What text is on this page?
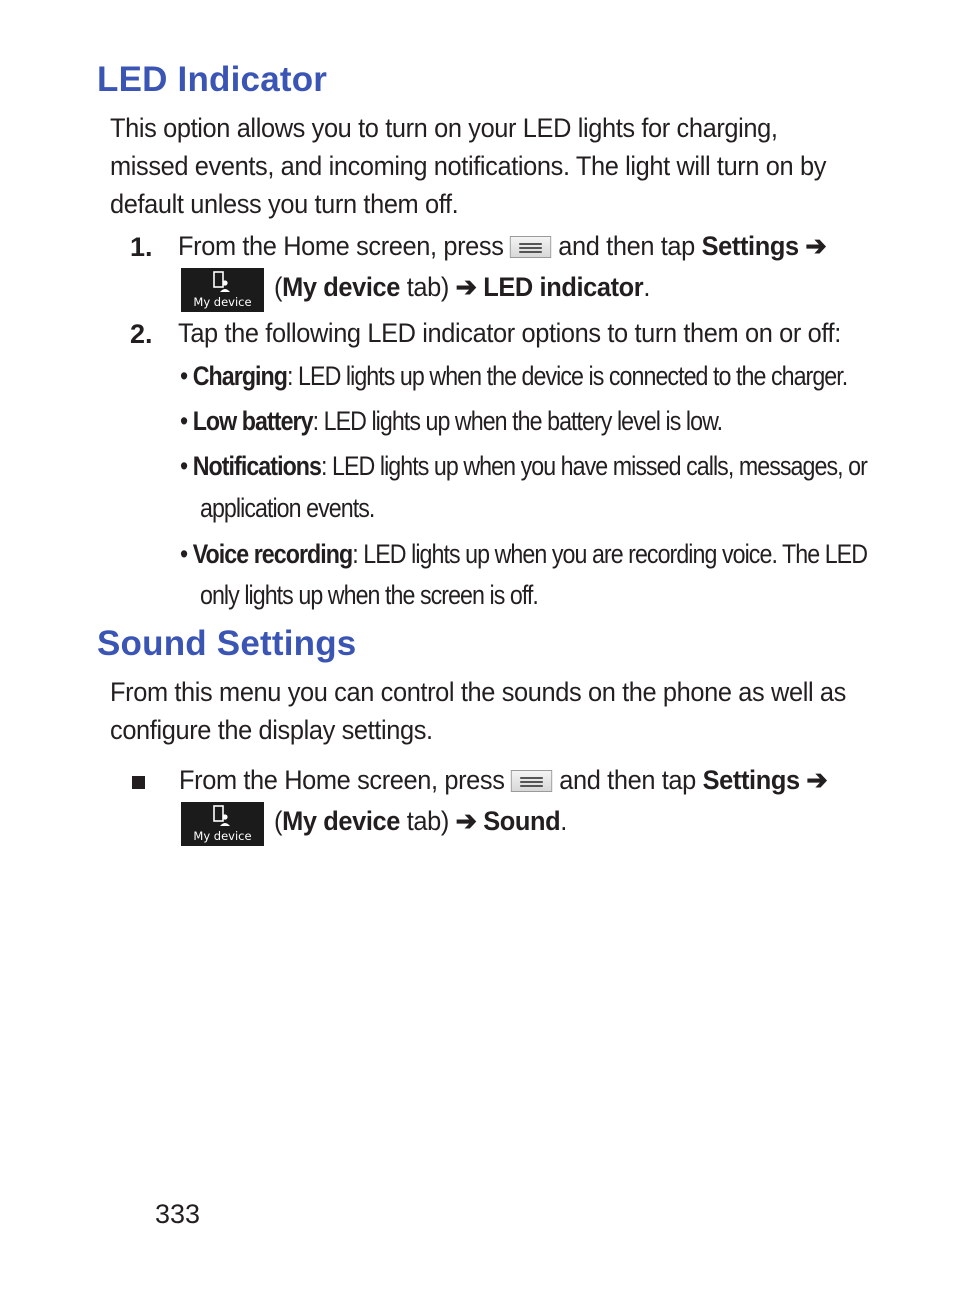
LED Indicator
This option allows you to turn on your LED lights for charging,
missed events, and incoming notifications. The light will turn on by
default unless you turn them off.
1. From the Home screen, press and then tap Settings ➔
My device (My device tab) ➔ LED indicator.
2. Tap the following LED indicator options to turn them on or off:
• Charging: LED lights up when the device is connected to the charger.
• Low battery: LED lights up when the battery level is low.
• Notifications: LED lights up when you have missed calls, messages, or
application events.
• Voice recording: LED lights up when you are recording voice. The LED
only lights up when the screen is off.
Sound Settings
From this menu you can control the sounds on the phone as well as
configure the display settings.
From the Home screen, press and then tap Settings ➔
My device (My device tab) ➔ Sound.
333
